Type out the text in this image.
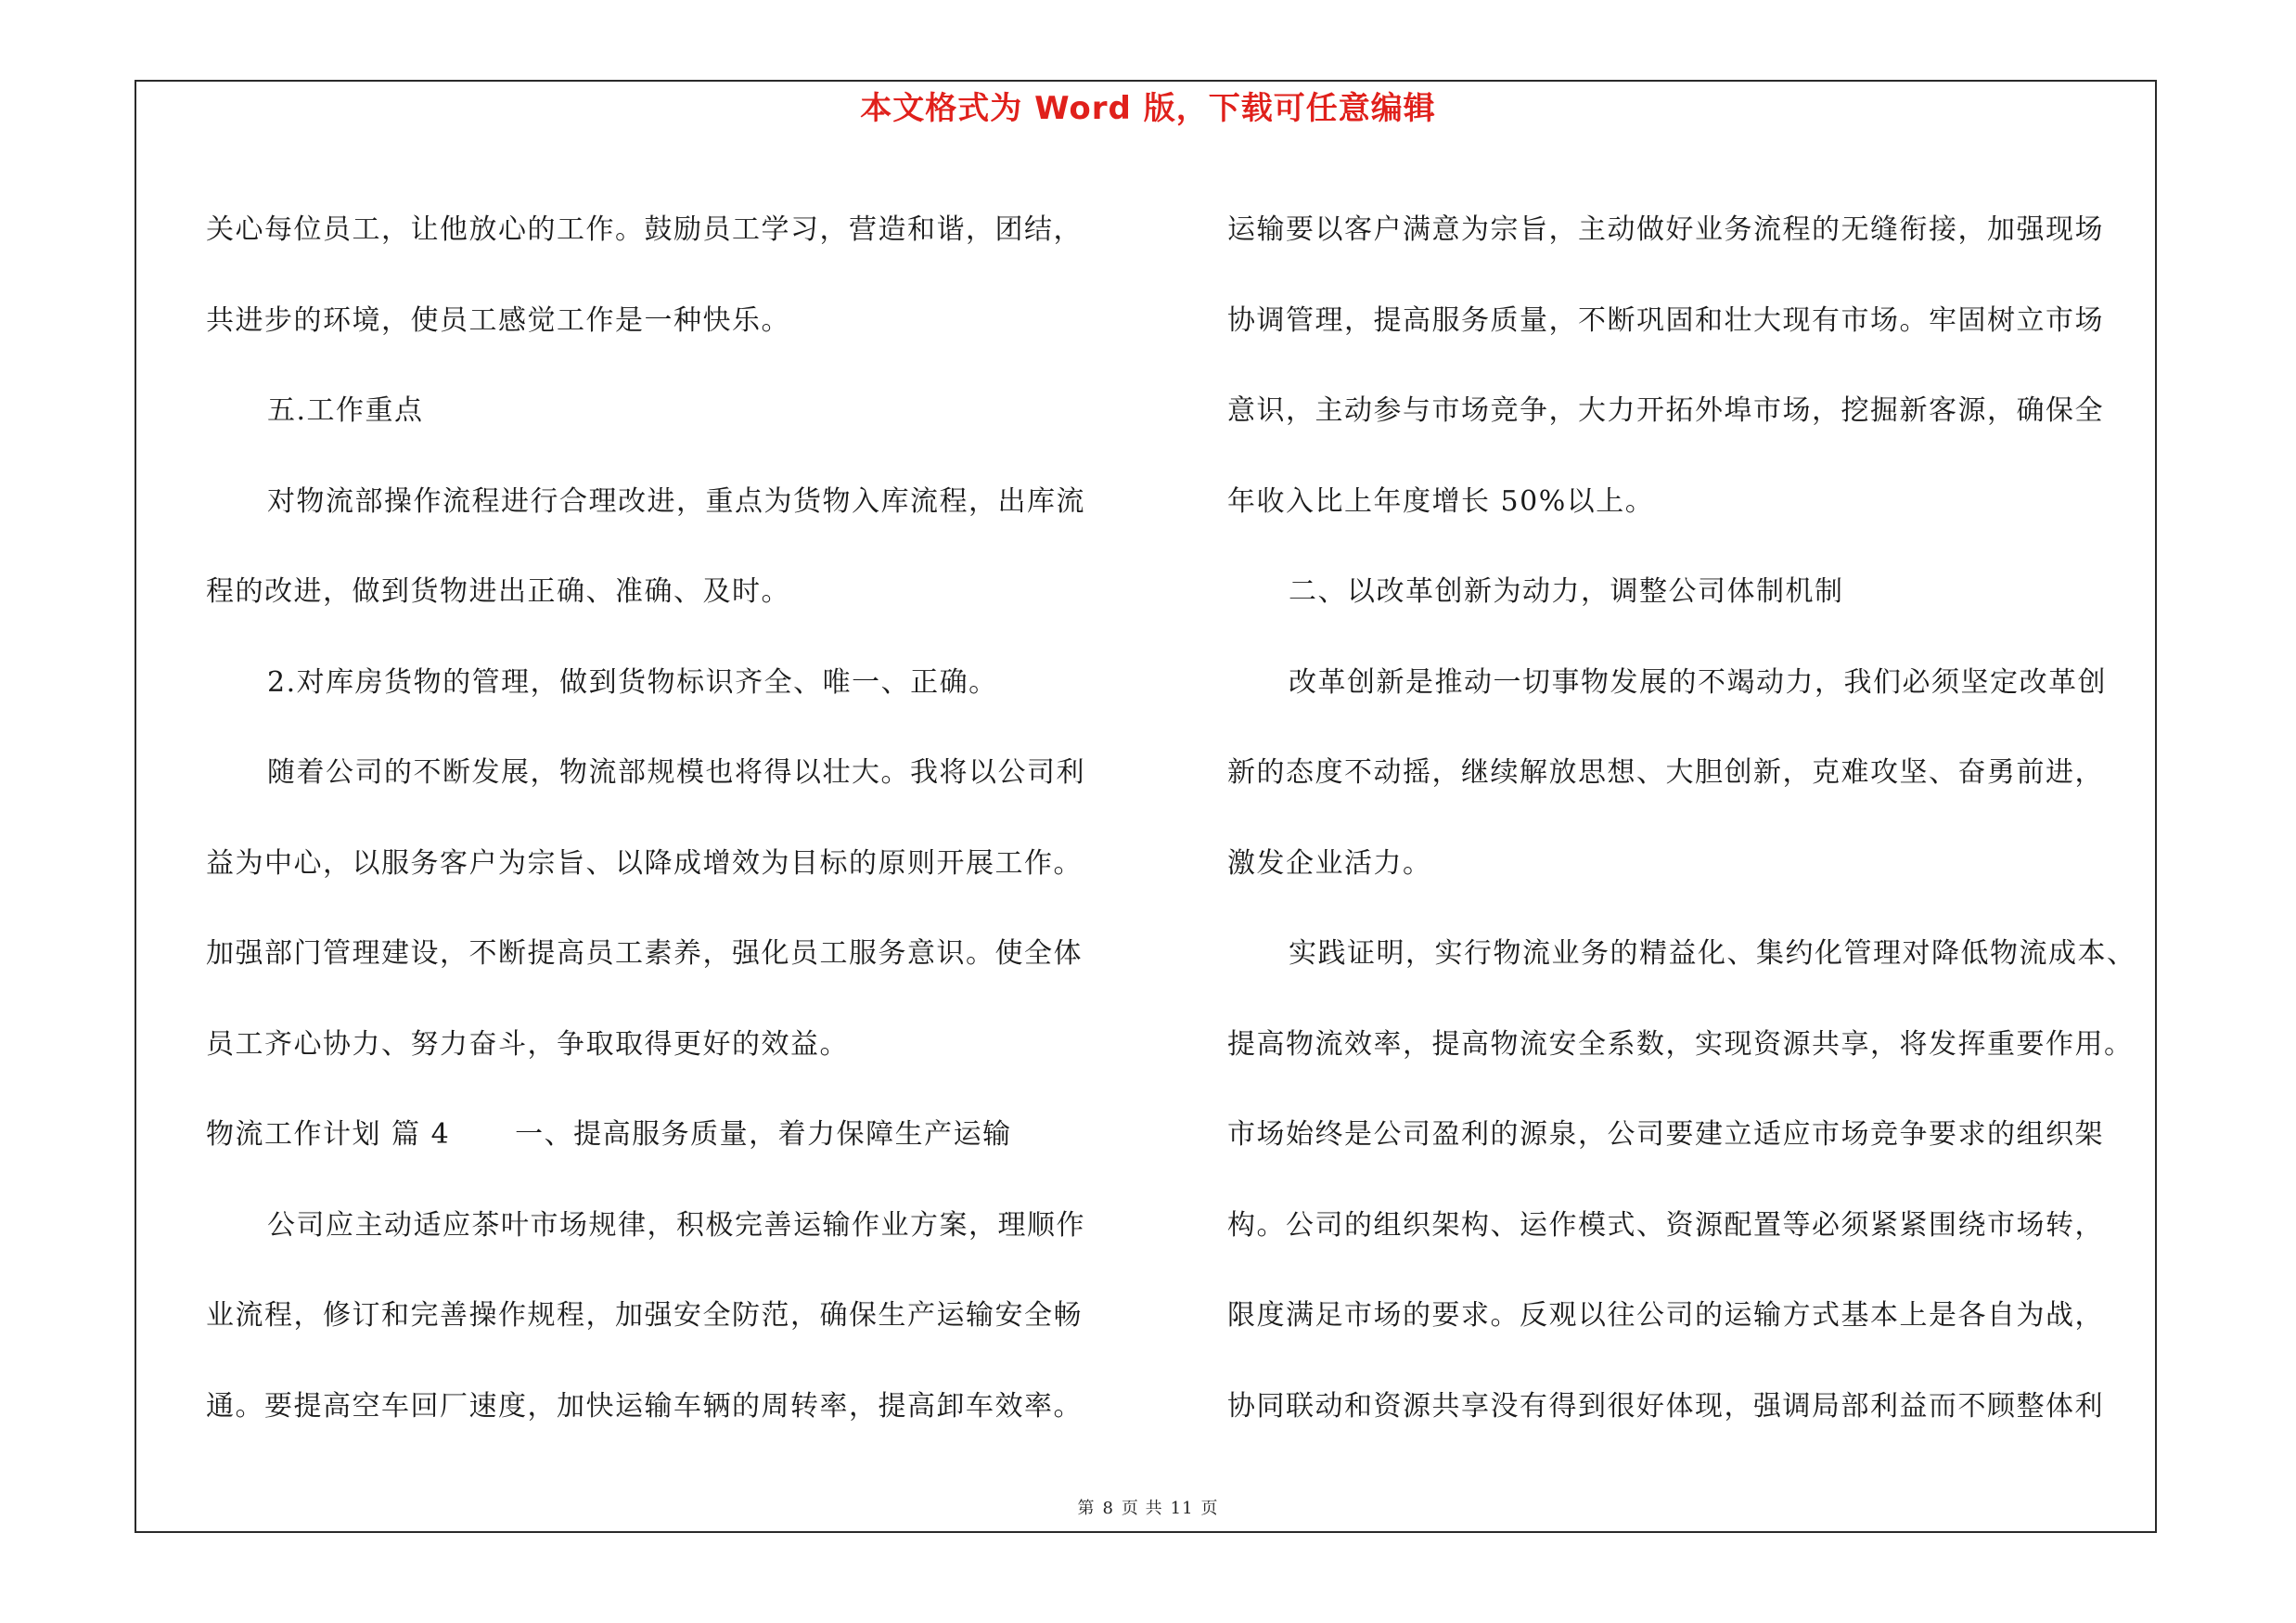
本文格式为 Word 版，下载可任意编辑
关心每位员工，让他放心的工作。鼓励员工学习，营造和谐，团结，
共进步的环境，使员工感觉工作是一种快乐。
五.工作重点
对物流部操作流程进行合理改进，重点为货物入库流程，出库流
程的改进，做到货物进出正确、准确、及时。
2.对库房货物的管理，做到货物标识齐全、唯一、正确。
随着公司的不断发展，物流部规模也将得以壮大。我将以公司利
益为中心，以服务客户为宗旨、以降成增效为目标的原则开展工作。
加强部门管理建设，不断提高员工素养，强化员工服务意识。使全体
员工齐心协力、努力奋斗，争取取得更好的效益。
物流工作计划 篇 4 一、提高服务质量，着力保障生产运输
公司应主动适应茶叶市场规律，积极完善运输作业方案，理顺作
业流程，修订和完善操作规程，加强安全防范，确保生产运输安全畅
通。要提高空车回厂速度，加快运输车辆的周转率，提高卸车效率。
运输要以客户满意为宗旨，主动做好业务流程的无缝衔接，加强现场
协调管理，提高服务质量，不断巩固和壮大现有市场。牢固树立市场
意识，主动参与市场竞争，大力开拓外埠市场，挖掘新客源，确保全
年收入比上年度增长 50%以上。
二、以改革创新为动力，调整公司体制机制
改革创新是推动一切事物发展的不竭动力，我们必须坚定改革创
新的态度不动摇，继续解放思想、大胆创新，克难攻坚、奋勇前进，
激发企业活力。
实践证明，实行物流业务的精益化、集约化管理对降低物流成本、
提高物流效率，提高物流安全系数，实现资源共享，将发挥重要作用。
市场始终是公司盈利的源泉，公司要建立适应市场竞争要求的组织架
构。公司的组织架构、运作模式、资源配置等必须紧紧围绕市场转，
限度满足市场的要求。反观以往公司的运输方式基本上是各自为战，
协同联动和资源共享没有得到很好体现，强调局部利益而不顾整体利
第 8 页 共 11 页
